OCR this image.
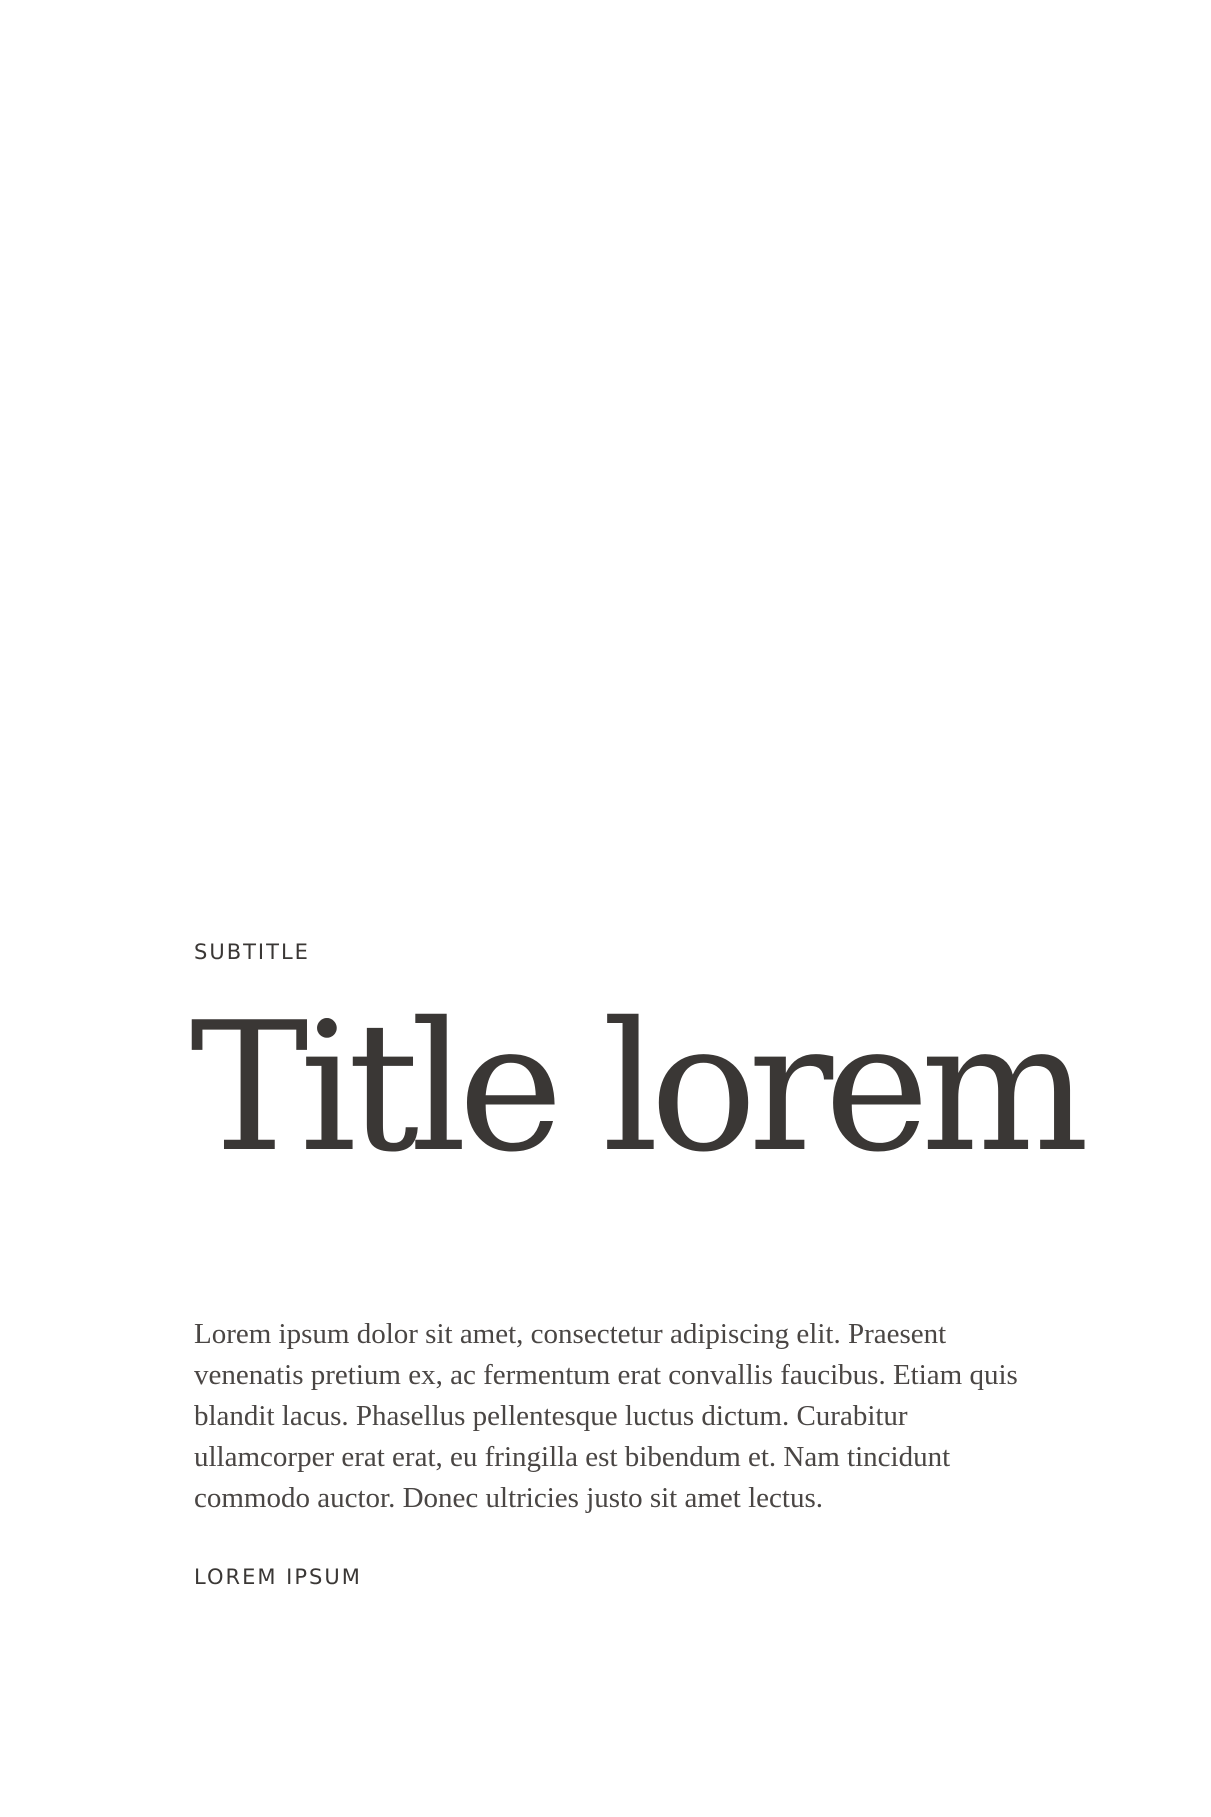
SUBTITLE
Title lorem

Lorem ipsum dolor sit amet, consectetur adipiscing elit. Praesent venenatis pretium ex, ac fermentum erat convallis faucibus. Etiam quis blandit lacus. Phasellus pellentesque luctus dictum. Curabitur ullamcorper erat erat, eu fringilla est bibendum et. Nam tincidunt commodo auctor. Donec ultricies justo sit amet lectus.

LOREM IPSUM
